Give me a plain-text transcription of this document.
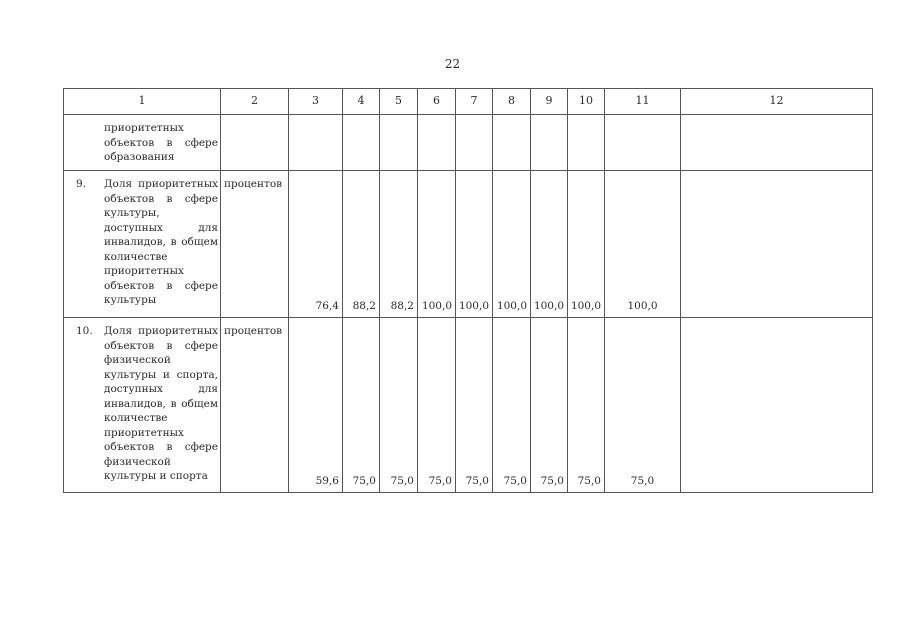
22
1	2	3	4	5	6	7	8	9	10	11	12

приоритетных объектов в сфере образования											

9. Доля приоритетных объектов в сфере культуры, доступных для инвалидов, в общем количестве приоритетных объектов в сфере культуры	процентов	76,4	88,2	88,2	100,0	100,0	100,0	100,0	100,0	100,0	

10. Доля приоритетных объектов в сфере физической культуры и спорта, доступных для инвалидов, в общем количестве приоритетных объектов в сфере физической культуры и спорта	процентов	59,6	75,0	75,0	75,0	75,0	75,0	75,0	75,0	75,0	
